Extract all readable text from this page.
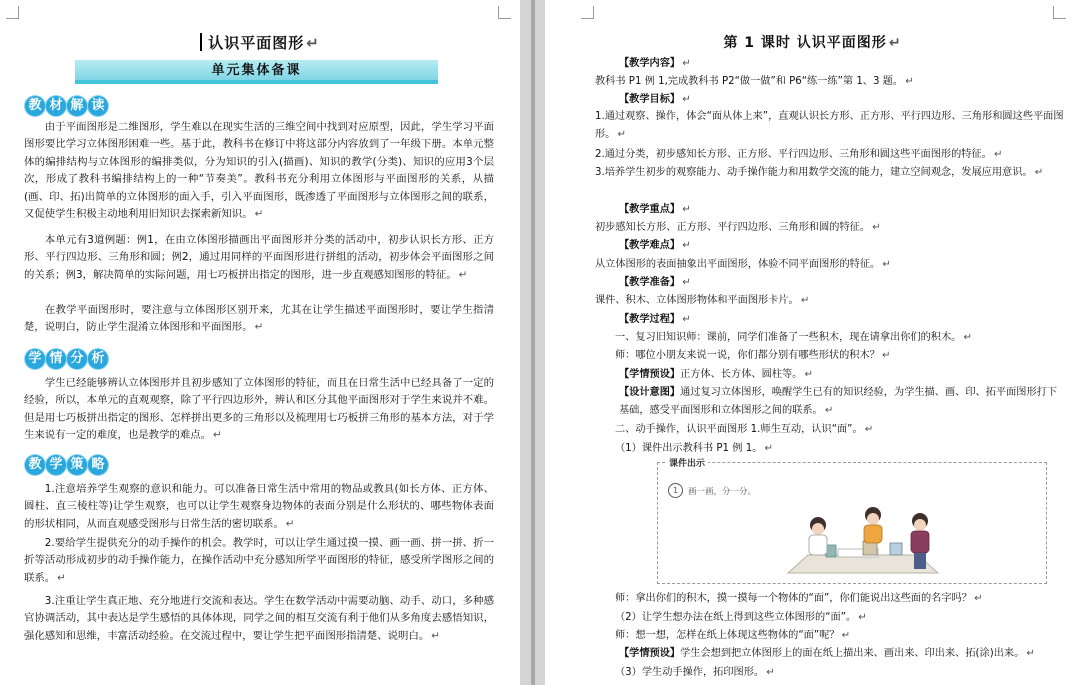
认识平面图形 ↵
单元集体备课
教 材 解 读
由于平面图形是二维图形，学生难以在现实生活的三维空间中找到对应原型，因此，学生学习平面图形要比学习立体图形困难一些。基于此，教科书在修订中将这部分内容放到了一年级下册。本单元整体的编排结构与立体图形的编排类似，分为知识的引入(描画)、知识的教学(分类)、知识的应用3个层次，形成了教科书编排结构上的一种“节奏美”。教科书充分利用立体图形与平面图形的关系，从描(画、印、拓)出简单的立体图形的面入手，引入平面图形，既渗透了平面图形与立体图形之间的联系，又促使学生积极主动地利用旧知识去探索新知识。 ↵
本单元有3道例题：例1，在由立体图形描画出平面图形并分类的活动中，初步认识长方形、正方形、平行四边形、三角形和圆；例2，通过用同样的平面图形进行拼组的活动，初步体会平面图形之间的关系；例3，解决简单的实际问题，用七巧板拼出指定的图形，进一步直观感知图形的特征。 ↵
在教学平面图形时，要注意与立体图形区别开来，尤其在让学生描述平面图形时，要让学生指清楚，说明白，防止学生混淆立体图形和平面图形。 ↵
学 情 分 析
学生已经能够辨认立体图形并且初步感知了立体图形的特征，而且在日常生活中已经具备了一定的经验，所以，本单元的直观观察，除了平行四边形外，辨认和区分其他平面图形对于学生来说并不难。但是用七巧板拼出指定的图形、怎样拼出更多的三角形以及梳理用七巧板拼三角形的基本方法，对于学生来说有一定的难度，也是教学的难点。 ↵
教 学 策 略
1.注意培养学生观察的意识和能力。可以准备日常生活中常用的物品或教具(如长方体、正方体、圆柱、直三棱柱等)让学生观察，也可以让学生观察身边物体的表面分别是什么形状的、哪些物体表面的形状相同，从而直观感受图形与日常生活的密切联系。 ↵
2.要给学生提供充分的动手操作的机会。教学时，可以让学生通过摸一摸、画一画、拼一拼、折一折等活动形成初步的动手操作能力，在操作活动中充分感知所学平面图形的特征，感受所学图形之间的联系。 ↵
3.注重让学生真正地、充分地进行交流和表达。学生在数学活动中需要动脑、动手、动口，多种感官协调活动，其中表达是学生感悟的具体体现，同学之间的相互交流有利于他们从多角度去感悟知识，强化感知和思维，丰富活动经验。在交流过程中，要让学生把平面图形指清楚、说明白。 ↵
第 1 课时 认识平面图形 ↵
【教学内容】 ↵
教科书 P1 例 1,完成教科书 P2“做一做”和 P6“练一练”第 1、3 题。 ↵
【教学目标】 ↵
1.通过观察、操作，体会“面从体上来”，直观认识长方形、正方形、平行四边形、三角形和圆这些平面图形。 ↵
2.通过分类，初步感知长方形、正方形、平行四边形、三角形和圆这些平面图形的特征。 ↵
3.培养学生初步的观察能力、动手操作能力和用数学交流的能力，建立空间观念，发展应用意识。 ↵
【教学重点】 ↵
初步感知长方形、正方形、平行四边形、三角形和圆的特征。 ↵
【教学难点】 ↵
从立体图形的表面抽象出平面图形，体验不同平面图形的特征。 ↵
【教学准备】 ↵
课件、积木、立体图形物体和平面图形卡片。 ↵
【教学过程】 ↵
一、复习旧知识师：课前，同学们准备了一些积木，现在请拿出你们的积木。 ↵
师：哪位小朋友来说一说，你们都分别有哪些形状的积木？ ↵
【学情预设】正方体、长方体、圆柱等。 ↵
【设计意图】通过复习立体图形，唤醒学生已有的知识经验，为学生描、画、印、拓平面图形打下基础，感受平面图形和立体图形之间的联系。 ↵
二、动手操作，认识平面图形 1.师生互动，认识“面”。 ↵
（1）课件出示教科书 P1 例 1。 ↵
课件出示
1	画一画，分一分。
师：拿出你们的积木，摸一摸每一个物体的“面”，你们能说出这些面的名字吗？ ↵
（2）让学生想办法在纸上得到这些立体图形的“面”。 ↵
师：想一想，怎样在纸上体现这些物体的“面”呢？ ↵
【学情预设】学生会想到把立体图形上的面在纸上描出来、画出来、印出来、拓(涂)出来。 ↵
（3）学生动手操作，拓印图形。 ↵
